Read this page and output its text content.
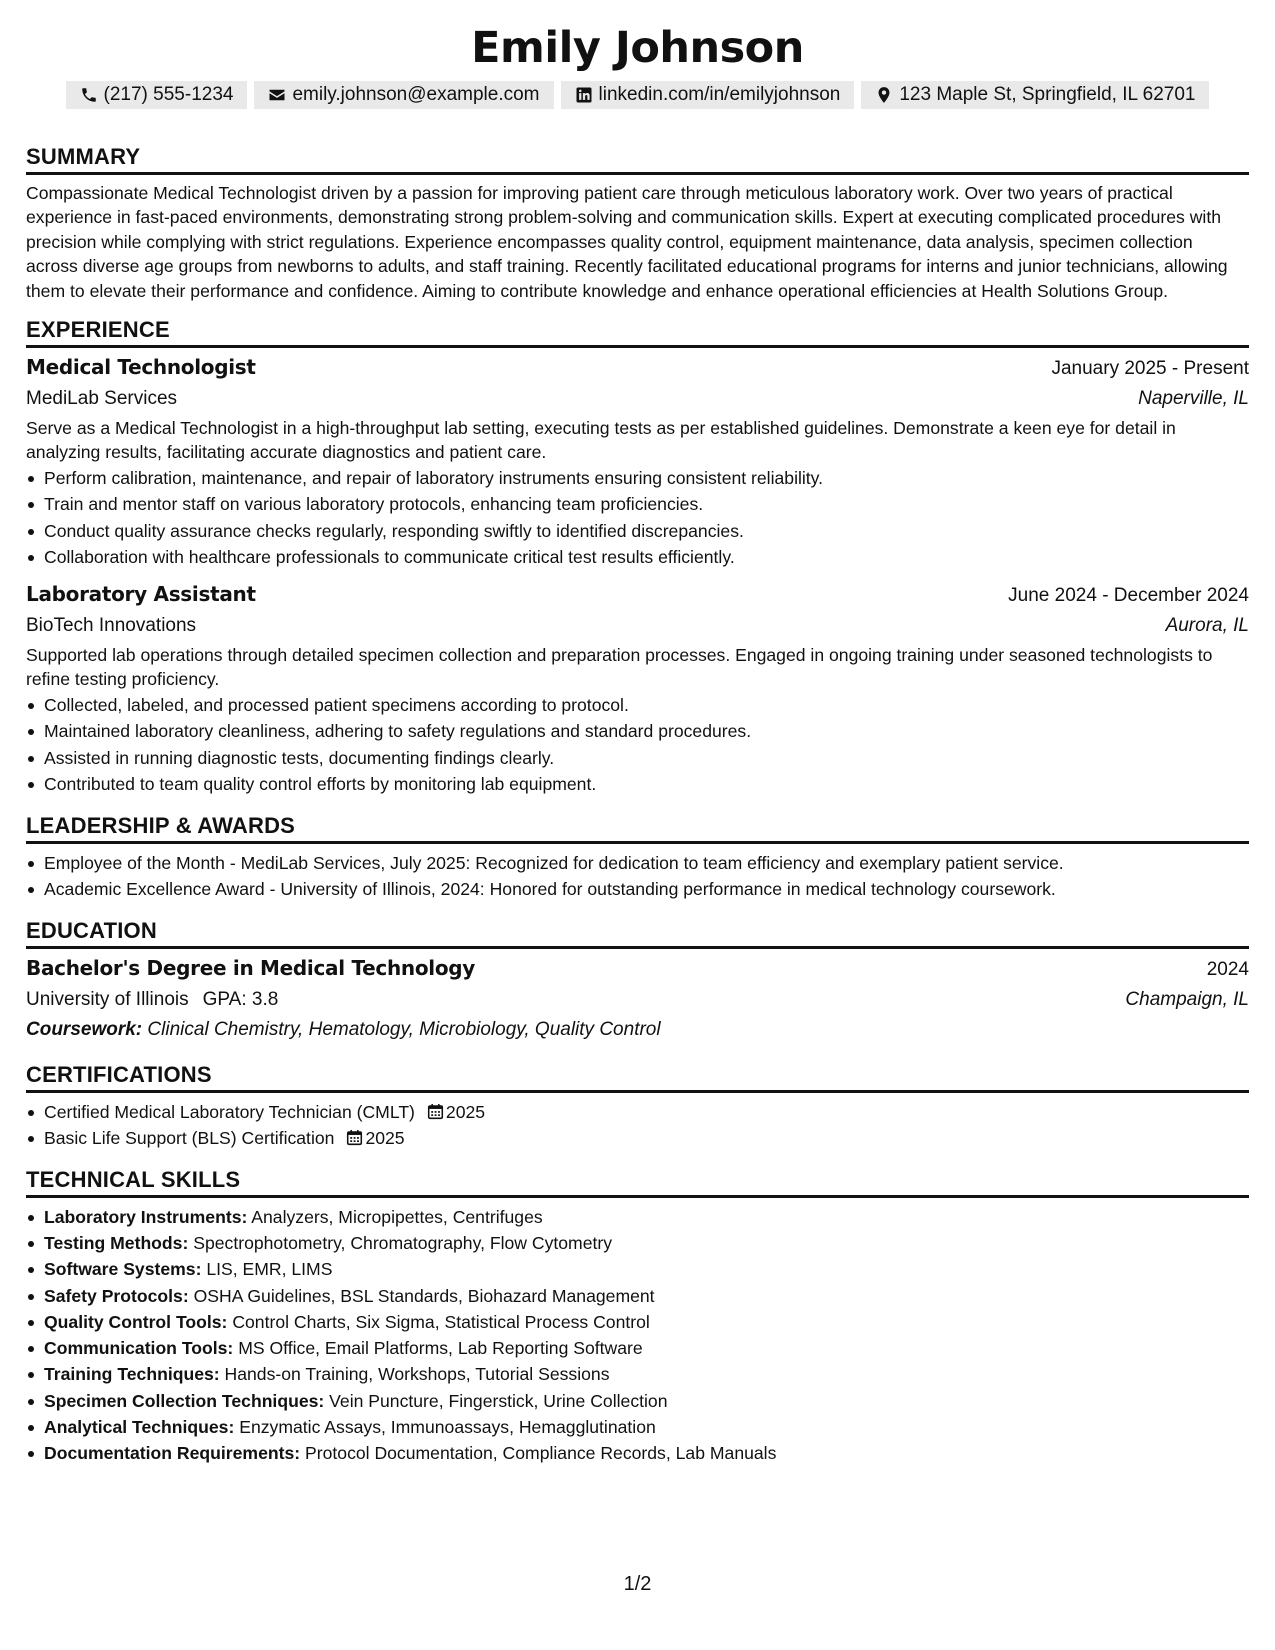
Emily Johnson
(217) 555-1234	emily.johnson@example.com	linkedin.com/in/emilyjohnson	123 Maple St, Springfield, IL 62701
SUMMARY
Compassionate Medical Technologist driven by a passion for improving patient care through meticulous laboratory work. Over two years of practical experience in fast-paced environments, demonstrating strong problem-solving and communication skills. Expert at executing complicated procedures with precision while complying with strict regulations. Experience encompasses quality control, equipment maintenance, data analysis, specimen collection across diverse age groups from newborns to adults, and staff training. Recently facilitated educational programs for interns and junior technicians, allowing them to elevate their performance and confidence. Aiming to contribute knowledge and enhance operational efficiencies at Health Solutions Group.
EXPERIENCE
Medical Technologist	January 2025 - Present
MediLab Services	Naperville, IL
Serve as a Medical Technologist in a high-throughput lab setting, executing tests as per established guidelines. Demonstrate a keen eye for detail in analyzing results, facilitating accurate diagnostics and patient care.
Perform calibration, maintenance, and repair of laboratory instruments ensuring consistent reliability.
Train and mentor staff on various laboratory protocols, enhancing team proficiencies.
Conduct quality assurance checks regularly, responding swiftly to identified discrepancies.
Collaboration with healthcare professionals to communicate critical test results efficiently.
Laboratory Assistant	June 2024 - December 2024
BioTech Innovations	Aurora, IL
Supported lab operations through detailed specimen collection and preparation processes. Engaged in ongoing training under seasoned technologists to refine testing proficiency.
Collected, labeled, and processed patient specimens according to protocol.
Maintained laboratory cleanliness, adhering to safety regulations and standard procedures.
Assisted in running diagnostic tests, documenting findings clearly.
Contributed to team quality control efforts by monitoring lab equipment.
LEADERSHIP & AWARDS
Employee of the Month - MediLab Services, July 2025: Recognized for dedication to team efficiency and exemplary patient service.
Academic Excellence Award - University of Illinois, 2024: Honored for outstanding performance in medical technology coursework.
EDUCATION
Bachelor's Degree in Medical Technology	2024
University of Illinois GPA: 3.8	Champaign, IL
Coursework: Clinical Chemistry, Hematology, Microbiology, Quality Control
CERTIFICATIONS
Certified Medical Laboratory Technician (CMLT) 2025
Basic Life Support (BLS) Certification 2025
TECHNICAL SKILLS
Laboratory Instruments: Analyzers, Micropipettes, Centrifuges
Testing Methods: Spectrophotometry, Chromatography, Flow Cytometry
Software Systems: LIS, EMR, LIMS
Safety Protocols: OSHA Guidelines, BSL Standards, Biohazard Management
Quality Control Tools: Control Charts, Six Sigma, Statistical Process Control
Communication Tools: MS Office, Email Platforms, Lab Reporting Software
Training Techniques: Hands-on Training, Workshops, Tutorial Sessions
Specimen Collection Techniques: Vein Puncture, Fingerstick, Urine Collection
Analytical Techniques: Enzymatic Assays, Immunoassays, Hemagglutination
Documentation Requirements: Protocol Documentation, Compliance Records, Lab Manuals
1/2
